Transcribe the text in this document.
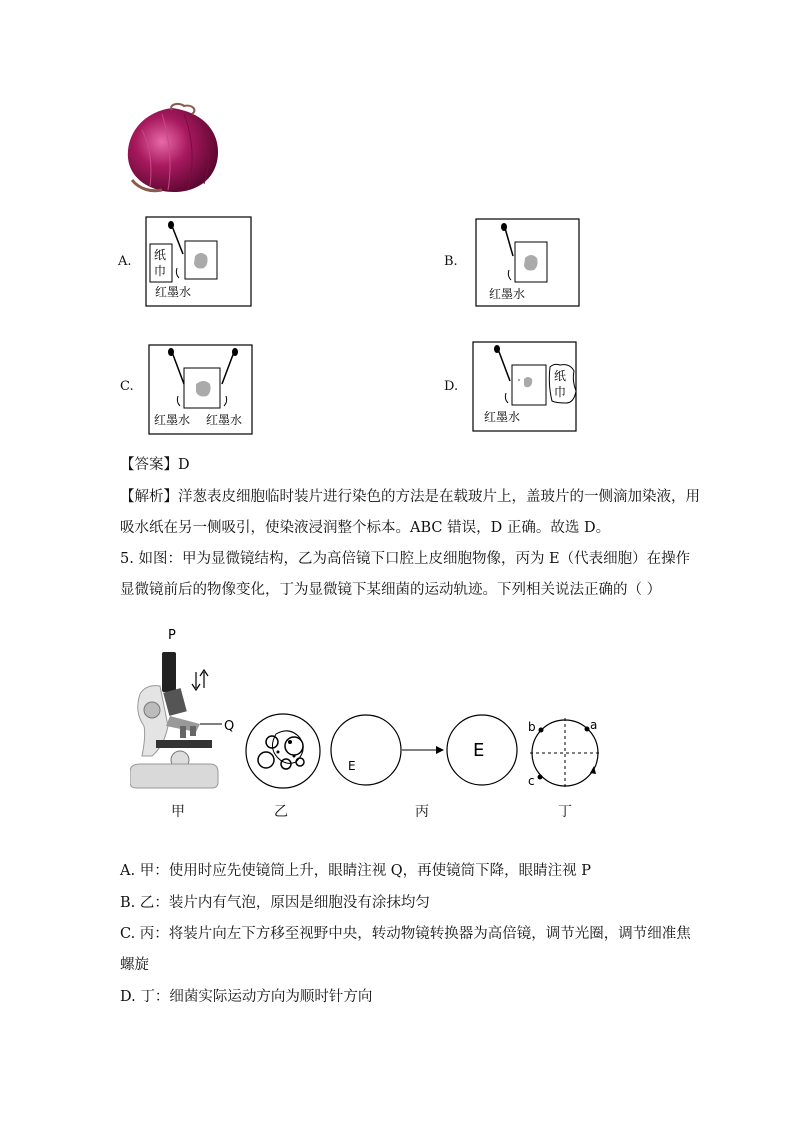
A. 纸
巾
红墨水
B.
红墨水
C.
红墨水 红墨水
D.
纸
巾
红墨水
【答案】D
【解析】洋葱表皮细胞临时装片进行染色的方法是在载玻片上，盖玻片的一侧滴加染液，用
吸水纸在另一侧吸引，使染液浸润整个标本。ABC 错误，D 正确。故选 D。
5. 如图：甲为显微镜结构，乙为高倍镜下口腔上皮细胞物像，丙为 E（代表细胞）在操作
显微镜前后的物像变化，丁为显微镜下某细菌的运动轨迹。下列相关说法正确的（ ）
P
Q
甲	乙
E
E
丙
b	a
c
丁
A. 甲：使用时应先使镜筒上升，眼睛注视 Q，再使镜筒下降，眼睛注视 P
B. 乙：装片内有气泡，原因是细胞没有涂抹均匀
C. 丙：将装片向左下方移至视野中央，转动物镜转换器为高倍镜，调节光圈，调节细准焦
螺旋
D. 丁：细菌实际运动方向为顺时针方向
